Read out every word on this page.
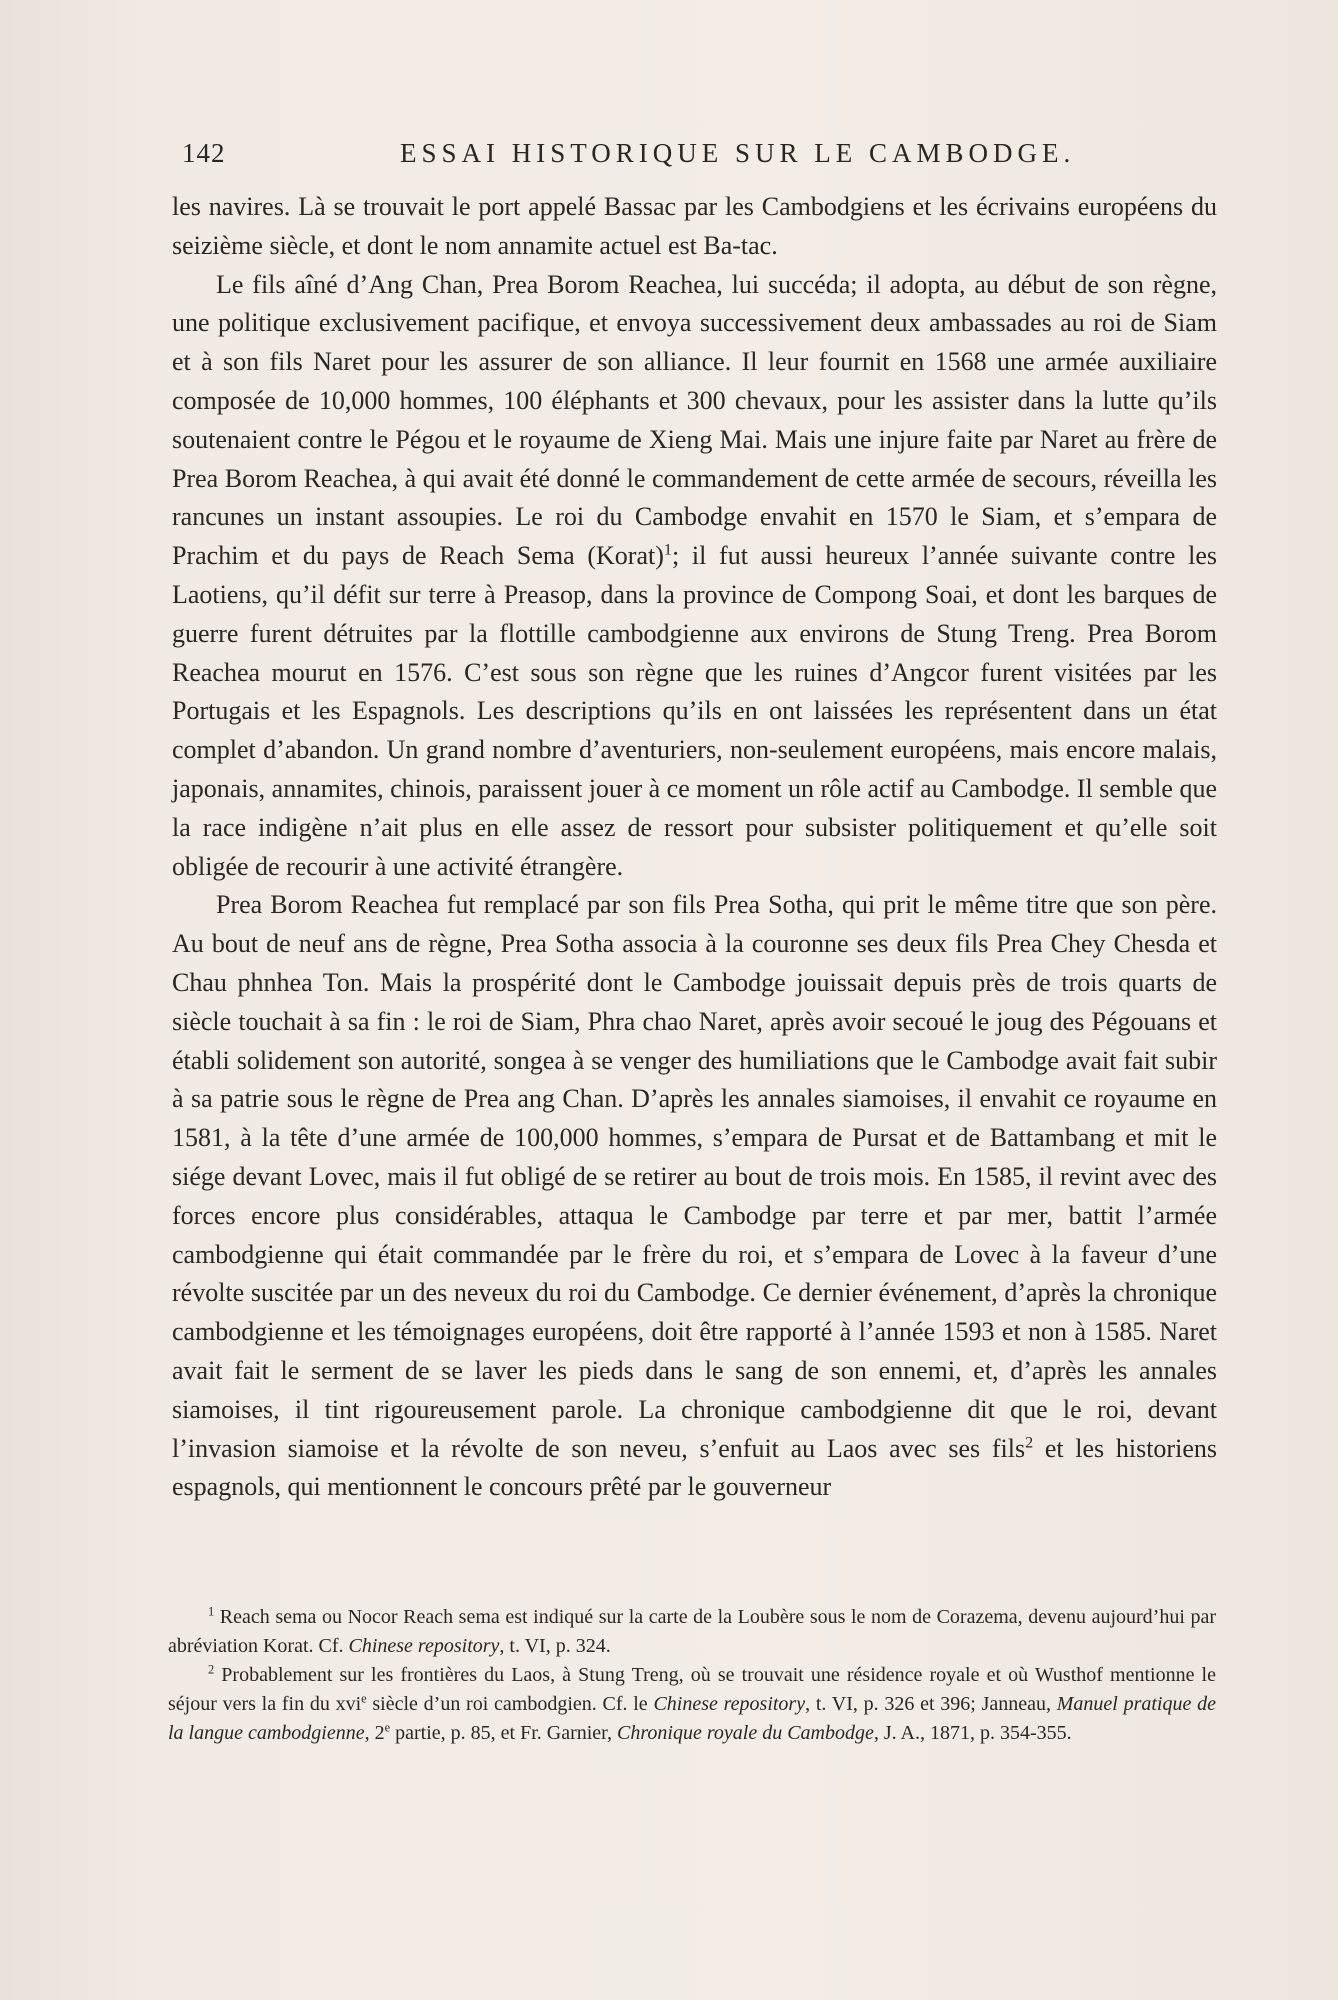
142	ESSAI HISTORIQUE SUR LE CAMBODGE.

les navires. Là se trouvait le port appelé Bassac par les Cambodgiens et les écrivains européens du seizième siècle, et dont le nom annamite actuel est Ba-tac.

Le fils aîné d’Ang Chan, Prea Borom Reachea, lui succéda; il adopta, au début de son règne, une politique exclusivement pacifique, et envoya successivement deux ambassades au roi de Siam et à son fils Naret pour les assurer de son alliance. Il leur fournit en 1568 une armée auxiliaire composée de 10,000 hommes, 100 éléphants et 300 chevaux, pour les assister dans la lutte qu’ils soutenaient contre le Pégou et le royaume de Xieng Mai. Mais une injure faite par Naret au frère de Prea Borom Reachea, à qui avait été donné le commandement de cette armée de secours, réveilla les rancunes un instant assoupies. Le roi du Cambodge envahit en 1570 le Siam, et s’empara de Prachim et du pays de Reach Sema (Korat)$^1$; il fut aussi heureux l’année suivante contre les Laotiens, qu’il défit sur terre à Preasop, dans la province de Compong Soai, et dont les barques de guerre furent détruites par la flottille cambodgienne aux environs de Stung Treng. Prea Borom Reachea mourut en 1576. C’est sous son règne que les ruines d’Angcor furent visitées par les Portugais et les Espagnols. Les descriptions qu’ils en ont laissées les représentent dans un état complet d’abandon. Un grand nombre d’aventuriers, non-seulement européens, mais encore malais, japonais, annamites, chinois, paraissent jouer à ce moment un rôle actif au Cambodge. Il semble que la race indigène n’ait plus en elle assez de ressort pour subsister politiquement et qu’elle soit obligée de recourir à une activité étrangère.

Prea Borom Reachea fut remplacé par son fils Prea Sotha, qui prit le même titre que son père. Au bout de neuf ans de règne, Prea Sotha associa à la couronne ses deux fils Prea Chey Chesda et Chau phnhea Ton. Mais la prospérité dont le Cambodge jouissait depuis près de trois quarts de siècle touchait à sa fin : le roi de Siam, Phra chao Naret, après avoir secoué le joug des Pégouans et établi solidement son autorité, songea à se venger des humiliations que le Cambodge avait fait subir à sa patrie sous le règne de Prea ang Chan. D’après les annales siamoises, il envahit ce royaume en 1581, à la tête d’une armée de 100,000 hommes, s’empara de Pursat et de Battambang et mit le siége devant Lovec, mais il fut obligé de se retirer au bout de trois mois. En 1585, il revint avec des forces encore plus considérables, attaqua le Cambodge par terre et par mer, battit l’armée cambodgienne qui était commandée par le frère du roi, et s’empara de Lovec à la faveur d’une révolte suscitée par un des neveux du roi du Cambodge. Ce dernier événement, d’après la chronique cambodgienne et les témoignages européens, doit être rapporté à l’année 1593 et non à 1585. Naret avait fait le serment de se laver les pieds dans le sang de son ennemi, et, d’après les annales siamoises, il tint rigoureusement parole. La chronique cambodgienne dit que le roi, devant l’invasion siamoise et la révolte de son neveu, s’enfuit au Laos avec ses fils$^2$ et les historiens espagnols, qui mentionnent le concours prêté par le gouverneur

$^1$ Reach sema ou Nocor Reach sema est indiqué sur la carte de la Loubère sous le nom de Corazema, devenu aujourd’hui par abréviation Korat. Cf. Chinese repository, t. VI, p. 324.

$^2$ Probablement sur les frontières du Laos, à Stung Treng, où se trouvait une résidence royale et où Wusthof mentionne le séjour vers la fin du xvi$^e$ siècle d’un roi cambodgien. Cf. le Chinese repository, t. VI, p. 326 et 396; Janneau, Manuel pratique de la langue cambodgienne, 2e partie, p. 85, et Fr. Garnier, Chronique royale du Cambodge, J. A., 1871, p. 354-355.
